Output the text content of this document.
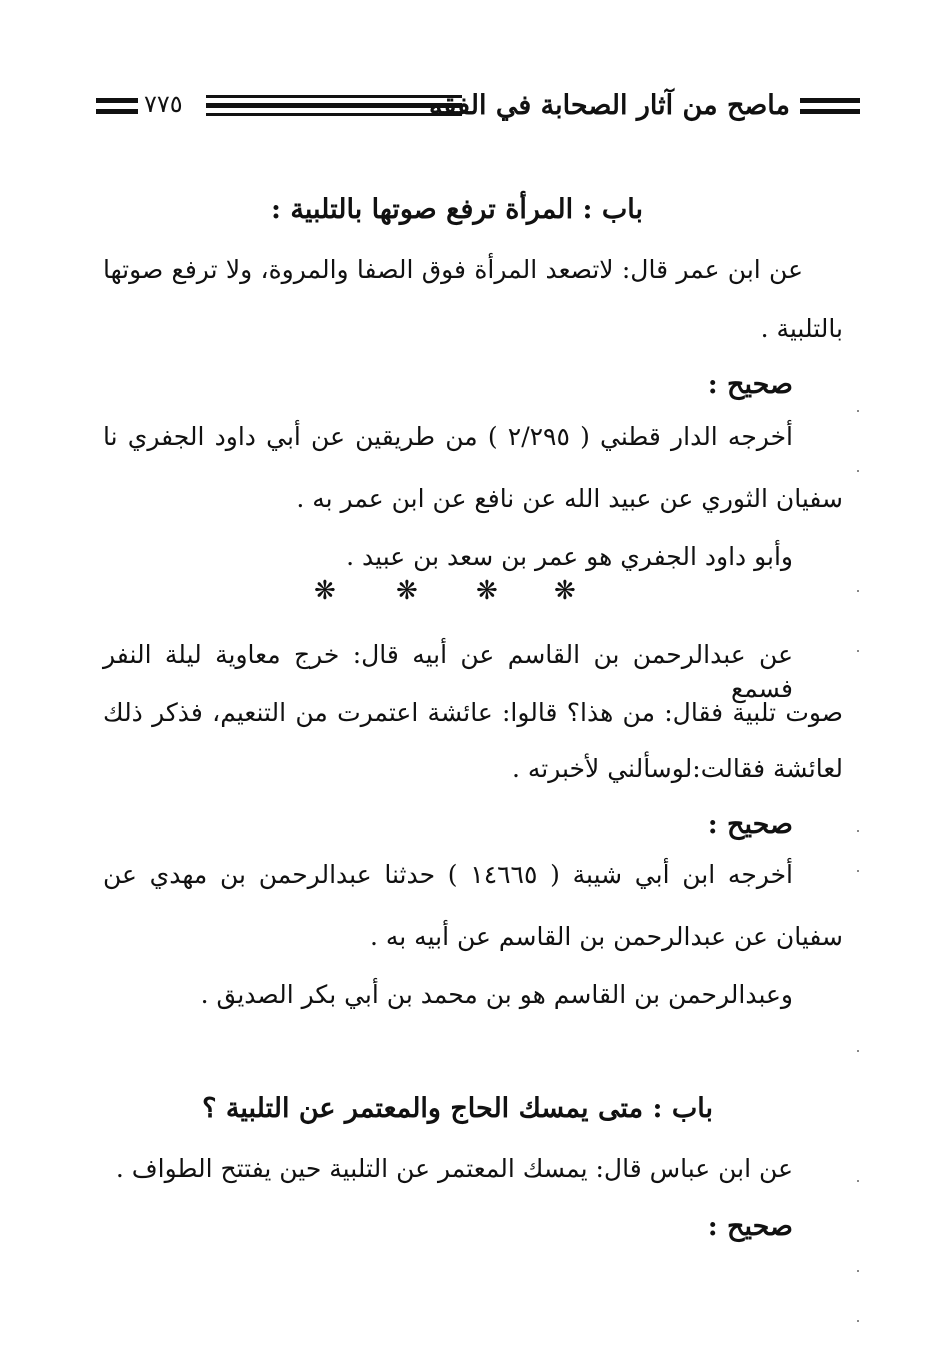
ماصح من آثار الصحابة في الفقه
٧٧٥
باب : المرأة ترفع صوتها بالتلبية :
عن ابن عمر قال: لاتصعد المرأة فوق الصفا والمروة، ولا ترفع صوتها
بالتلبية .
صحيح :
أخرجه الدار قطني ( ٢/٢٩٥ ) من طريقين عن أبي داود الجفري نا
سفيان الثوري عن عبيد الله عن نافع عن ابن عمر به .
وأبو داود الجفري هو عمر بن سعد بن عبيد .
❋ ❋ ❋ ❋
عن عبدالرحمن بن القاسم عن أبيه قال: خرج معاوية ليلة النفر فسمع
صوت تلبية فقال: من هذا؟ قالوا: عائشة اعتمرت من التنعيم، فذكر ذلك
لعائشة فقالت:لوسألني لأخبرته .
صحيح :
أخرجه ابن أبي شيبة ( ١٤٦٦٥ ) حدثنا عبدالرحمن بن مهدي عن
سفيان عن عبدالرحمن بن القاسم عن أبيه به .
وعبدالرحمن بن القاسم هو بن محمد بن أبي بكر الصديق .
باب : متى يمسك الحاج والمعتمر عن التلبية ؟
عن ابن عباس قال: يمسك المعتمر عن التلبية حين يفتتح الطواف .
صحيح :
